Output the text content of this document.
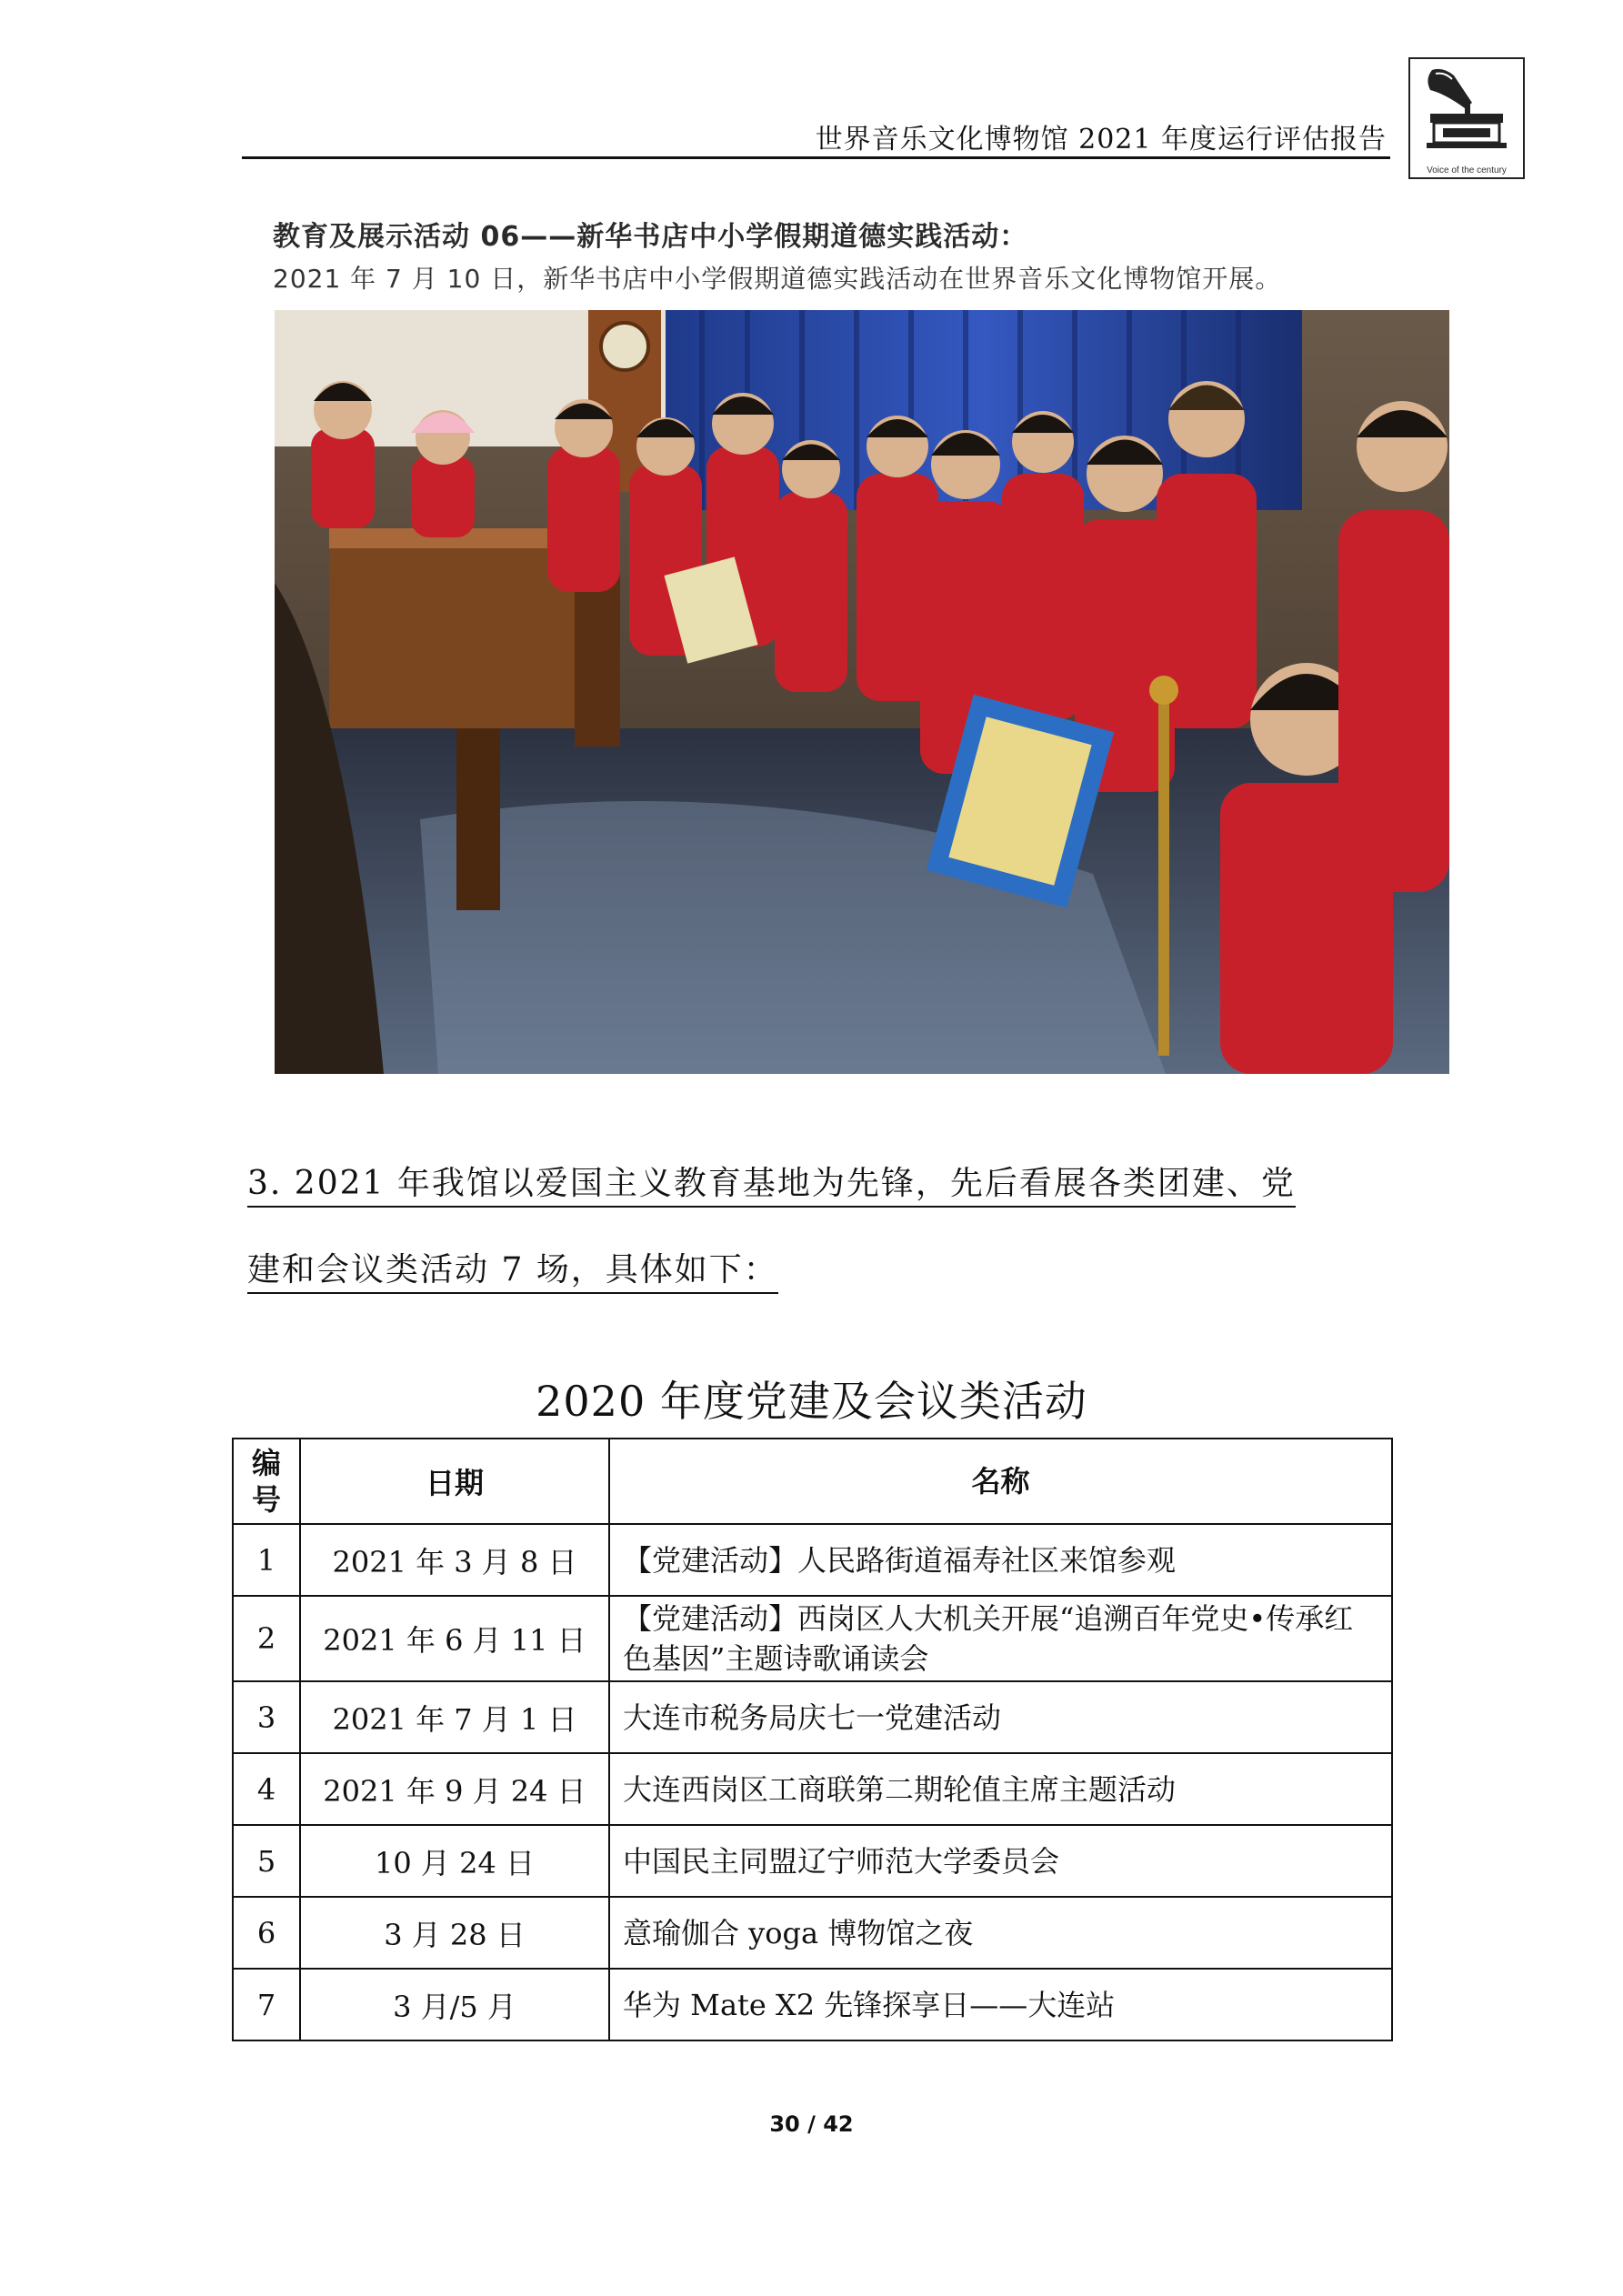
世界音乐文化博物馆 2021 年度运行评估报告
Voice of the century
教育及展示活动 06——新华书店中小学假期道德实践活动：
2021 年 7 月 10 日，新华书店中小学假期道德实践活动在世界音乐文化博物馆开展。
3. 2021 年我馆以爱国主义教育基地为先锋，先后看展各类团建、党
建和会议类活动 7 场，具体如下：
2020 年度党建及会议类活动
编
号	日期	名称
1	2021 年 3 月 8 日	【党建活动】人民路街道福寿社区来馆参观
2	2021 年 6 月 11 日	【党建活动】西岗区人大机关开展“追溯百年党史•传承红色基因”主题诗歌诵读会
3	2021 年 7 月 1 日	大连市税务局庆七一党建活动
4	2021 年 9 月 24 日	大连西岗区工商联第二期轮值主席主题活动
5	10 月 24 日	中国民主同盟辽宁师范大学委员会
6	3 月 28 日	意瑜伽合 yoga 博物馆之夜
7	3 月/5 月	华为 Mate X2 先锋探享日——大连站
30 / 42
